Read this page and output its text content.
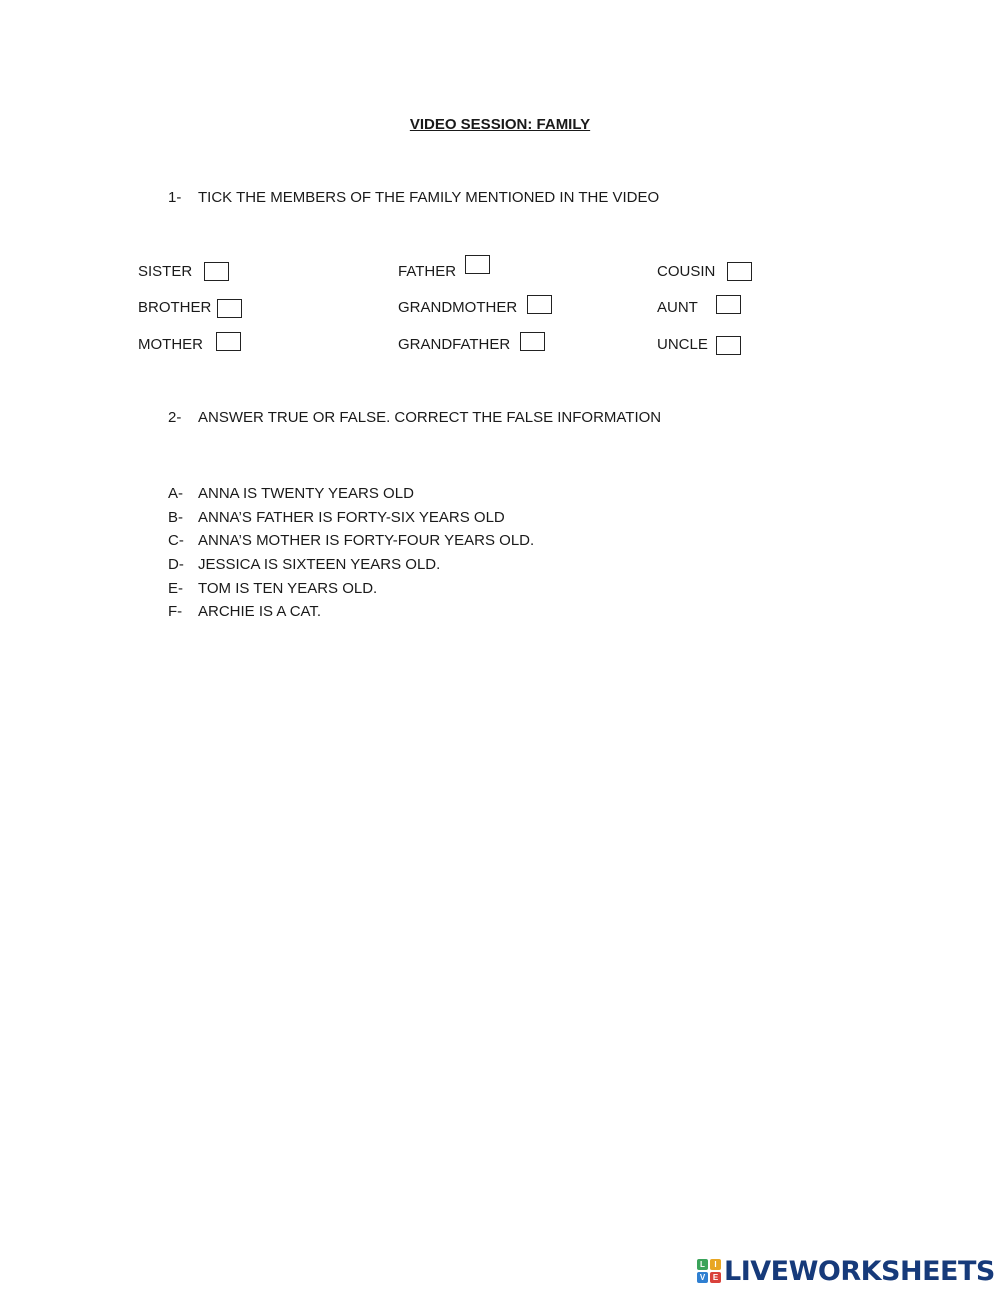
VIDEO SESSION: FAMILY
1- TICK THE MEMBERS OF THE FAMILY MENTIONED IN THE VIDEO
SISTER
BROTHER
MOTHER
FATHER
GRANDMOTHER
GRANDFATHER
COUSIN
AUNT
UNCLE
2- ANSWER TRUE OR FALSE. CORRECT THE FALSE INFORMATION
A- ANNA IS TWENTY YEARS OLD
B- ANNA’S FATHER IS FORTY-SIX YEARS OLD
C- ANNA’S MOTHER IS FORTY-FOUR YEARS OLD.
D- JESSICA IS SIXTEEN YEARS OLD.
E- TOM IS TEN YEARS OLD.
F- ARCHIE IS A CAT.
L	I
V E LIVEWORKSHEETS
